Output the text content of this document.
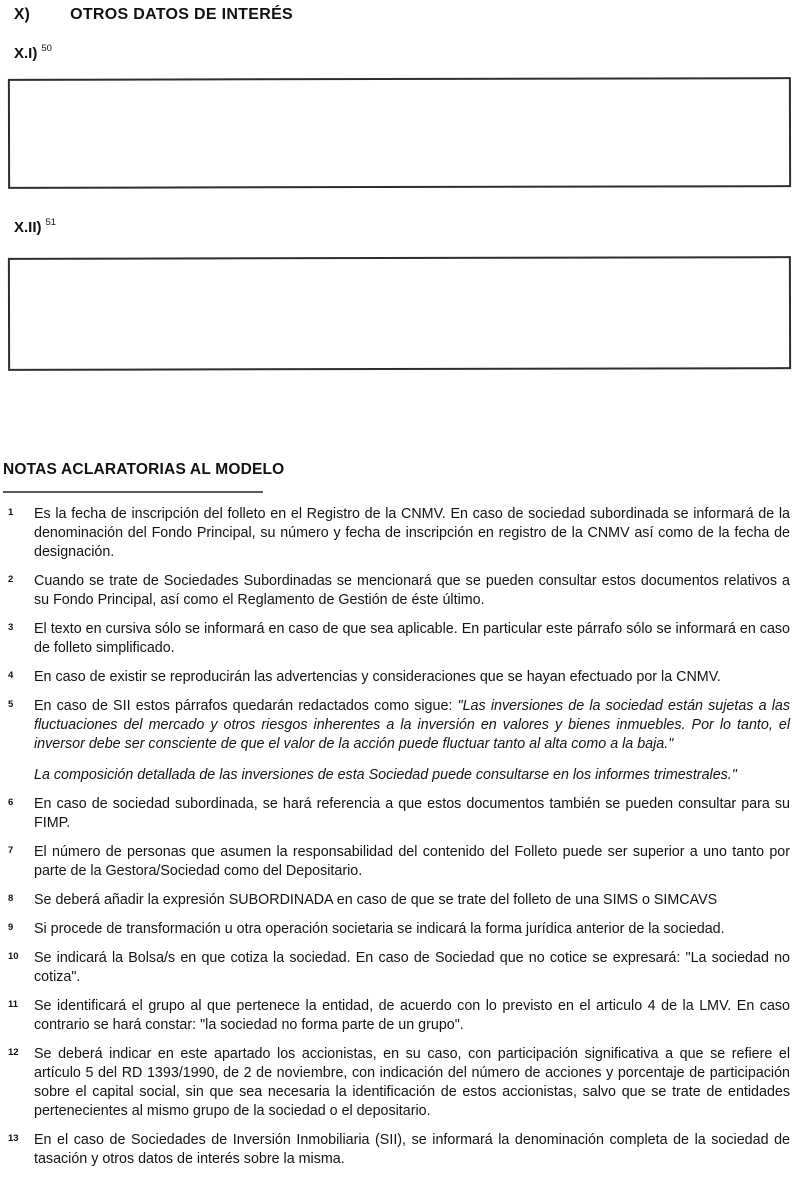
X)	OTROS DATOS DE INTERÉS
X.I) $^{50}$
X.II) $^{51}$
NOTAS ACLARATORIAS AL MODELO
1	Es la fecha de inscripción del folleto en el Registro de la CNMV. En caso de sociedad subordinada se informará de la denominación del Fondo Principal, su número y fecha de inscripción en registro de la CNMV así como de la fecha de designación.
2	Cuando se trate de Sociedades Subordinadas se mencionará que se pueden consultar estos documentos relativos a su Fondo Principal, así como el Reglamento de Gestión de éste último.
3	El texto en cursiva sólo se informará en caso de que sea aplicable. En particular este párrafo sólo se informará en caso de folleto simplificado.
4	En caso de existir se reproducirán las advertencias y consideraciones que se hayan efectuado por la CNMV.
5	En caso de SII estos párrafos quedarán redactados como sigue: "Las inversiones de la sociedad están sujetas a las fluctuaciones del mercado y otros riesgos inherentes a la inversión en valores y bienes inmuebles. Por lo tanto, el inversor debe ser consciente de que el valor de la acción puede fluctuar tanto al alta como a la baja."
La composición detallada de las inversiones de esta Sociedad puede consultarse en los informes trimestrales."
6	En caso de sociedad subordinada, se hará referencia a que estos documentos también se pueden consultar para su FIMP.
7	El número de personas que asumen la responsabilidad del contenido del Folleto puede ser superior a uno tanto por parte de la Gestora/Sociedad como del Depositario.
8	Se deberá añadir la expresión SUBORDINADA en caso de que se trate del folleto de una SIMS o SIMCAVS
9	Si procede de transformación u otra operación societaria se indicará la forma jurídica anterior de la sociedad.
10	Se indicará la Bolsa/s en que cotiza la sociedad. En caso de Sociedad que no cotice se expresará: "La sociedad no cotiza".
11	Se identificará el grupo al que pertenece la entidad, de acuerdo con lo previsto en el articulo 4 de la LMV. En caso contrario se hará constar: "la sociedad no forma parte de un grupo".
12	Se deberá indicar en este apartado los accionistas, en su caso, con participación significativa a que se refiere el artículo 5 del RD 1393/1990, de 2 de noviembre, con indicación del número de acciones y porcentaje de participación sobre el capital social, sin que sea necesaria la identificación de estos accionistas, salvo que se trate de entidades pertenecientes al mismo grupo de la sociedad o el depositario.
13	En el caso de Sociedades de Inversión Inmobiliaria (SII), se informará la denominación completa de la sociedad de tasación y otros datos de interés sobre la misma.
